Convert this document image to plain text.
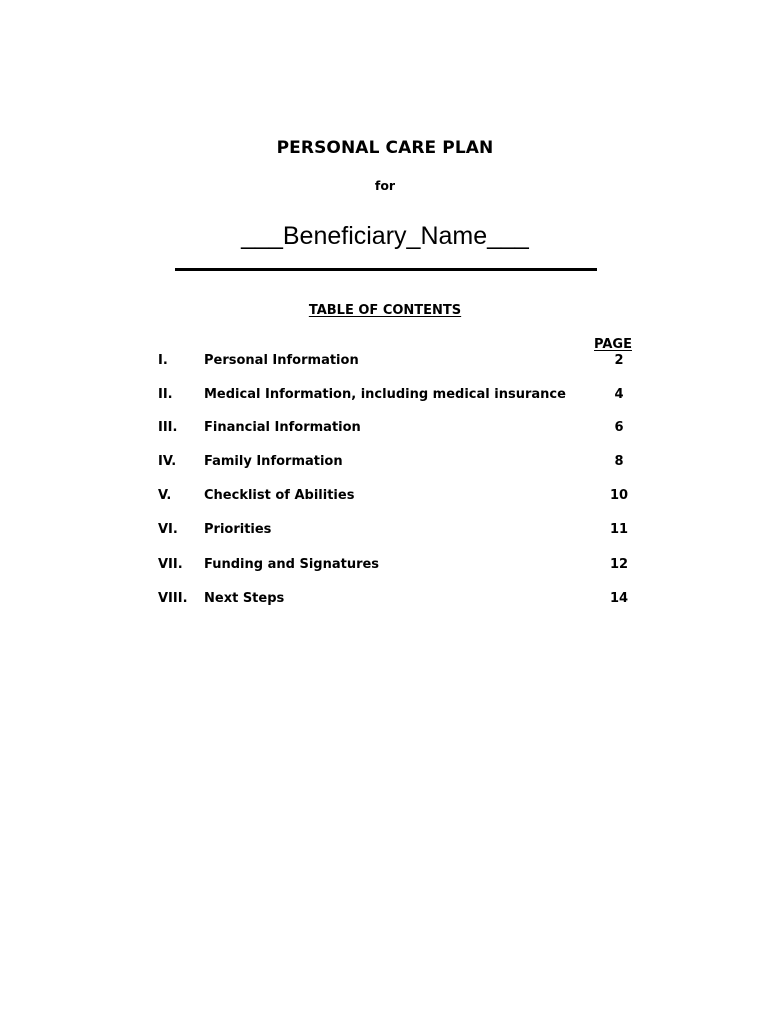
PERSONAL CARE PLAN
for
___Beneficiary_Name___
TABLE OF CONTENTS
PAGE
I.	Personal Information	2
II. Medical Information, including medical insurance	4
III. Financial Information	6
IV. Family Information	8
V.	Checklist of Abilities	10
VI. Priorities	11
VII. Funding and Signatures	12
VIII. Next Steps	14
